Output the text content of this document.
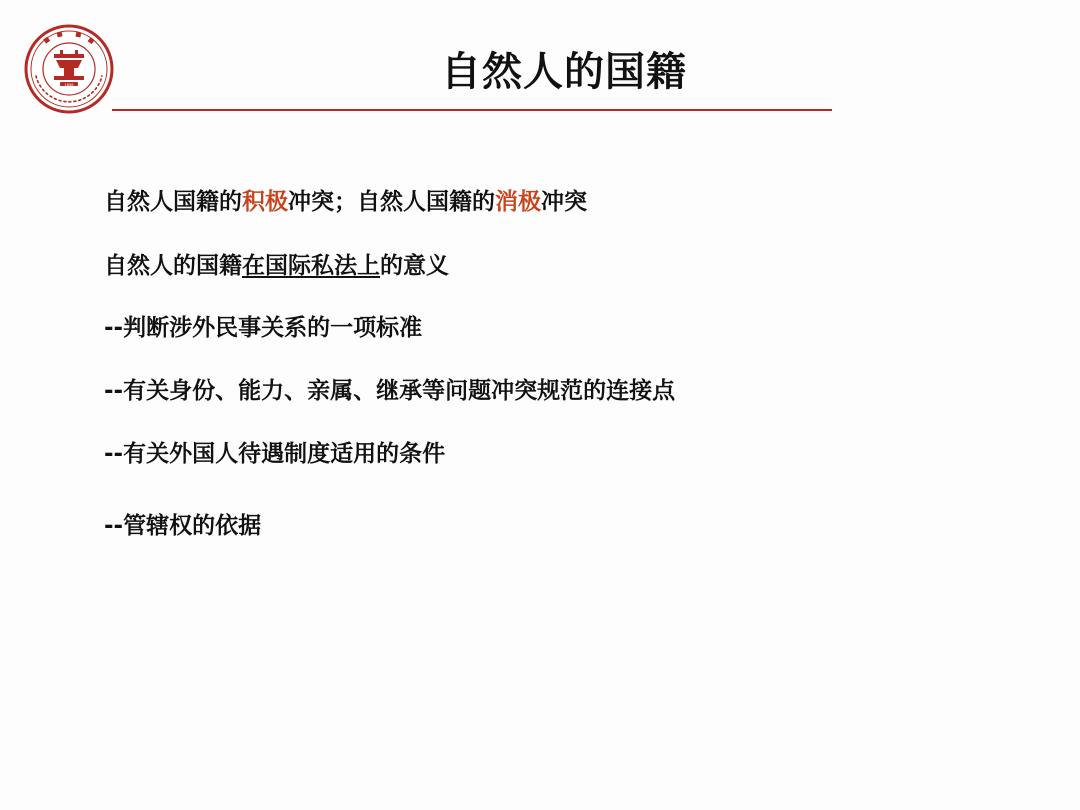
1896	自然人的国籍
自然人国籍的积极冲突；自然人国籍的消极冲突
自然人的国籍在国际私法上的意义
--判断涉外民事关系的一项标准
--有关身份、能力、亲属、继承等问题冲突规范的连接点
--有关外国人待遇制度适用的条件
--管辖权的依据
